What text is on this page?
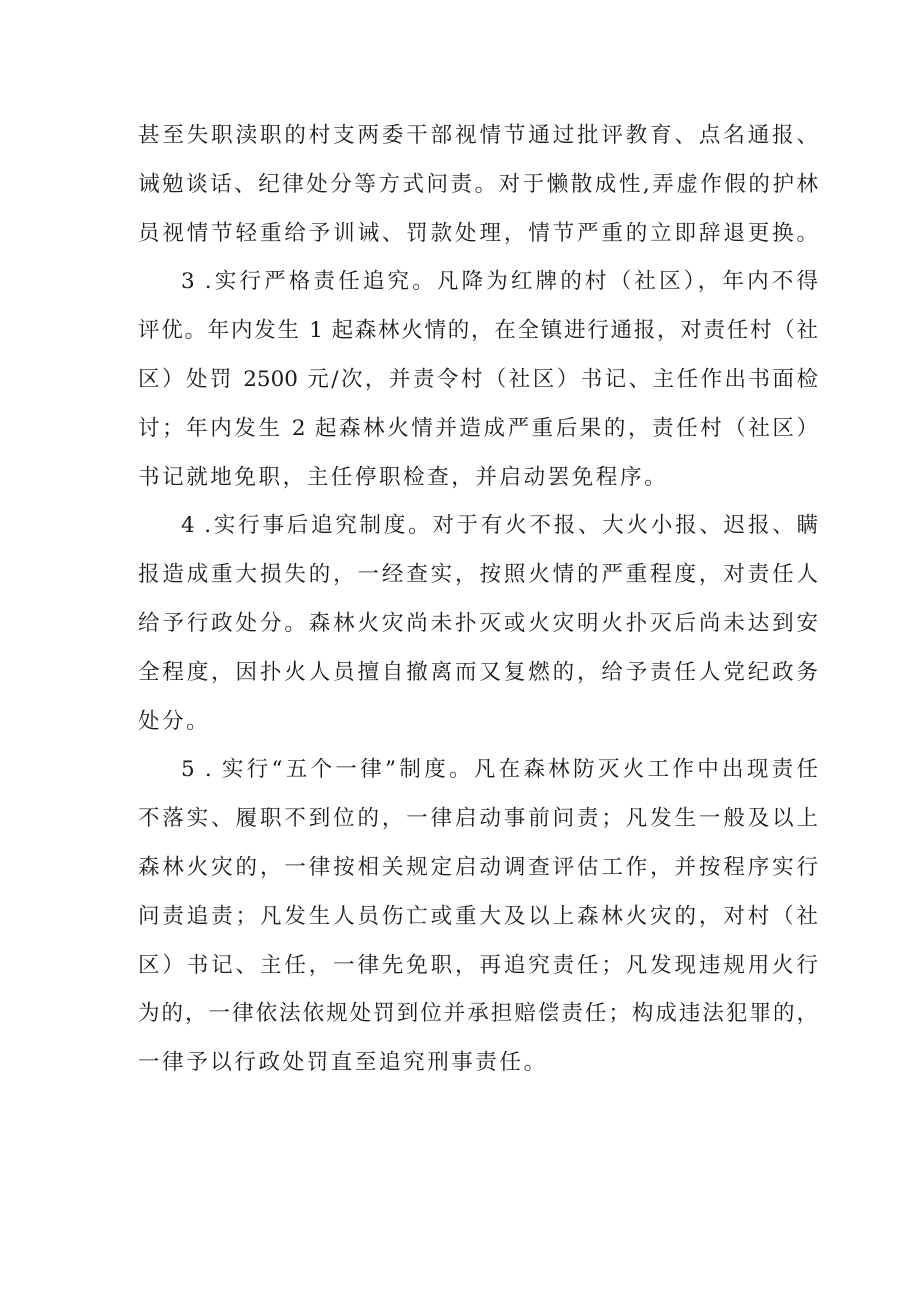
甚至失职渎职的村支两委干部视情节通过批评教育、点名通报、
诫勉谈话、纪律处分等方式问责。对于懒散成性,弄虚作假的护林
员视情节轻重给予训诫、罚款处理，情节严重的立即辞退更换。
3 .实行严格责任追究。凡降为红牌的村（社区），年内不得
评优。年内发生 1 起森林火情的，在全镇进行通报，对责任村（社
区）处罚 2500 元/次，并责令村（社区）书记、主任作出书面检
讨；年内发生 2 起森林火情并造成严重后果的，责任村（社区）
书记就地免职，主任停职检查，并启动罢免程序。
4 .实行事后追究制度。对于有火不报、大火小报、迟报、瞒
报造成重大损失的，一经查实，按照火情的严重程度，对责任人
给予行政处分。森林火灾尚未扑灭或火灾明火扑灭后尚未达到安
全程度，因扑火人员擅自撤离而又复燃的，给予责任人党纪政务
处分。
5 . 实行“五个一律”制度。凡在森林防灭火工作中出现责任
不落实、履职不到位的，一律启动事前问责；凡发生一般及以上
森林火灾的，一律按相关规定启动调查评估工作，并按程序实行
问责追责；凡发生人员伤亡或重大及以上森林火灾的，对村（社
区）书记、主任，一律先免职，再追究责任；凡发现违规用火行
为的，一律依法依规处罚到位并承担赔偿责任；构成违法犯罪的，
一律予以行政处罚直至追究刑事责任。
